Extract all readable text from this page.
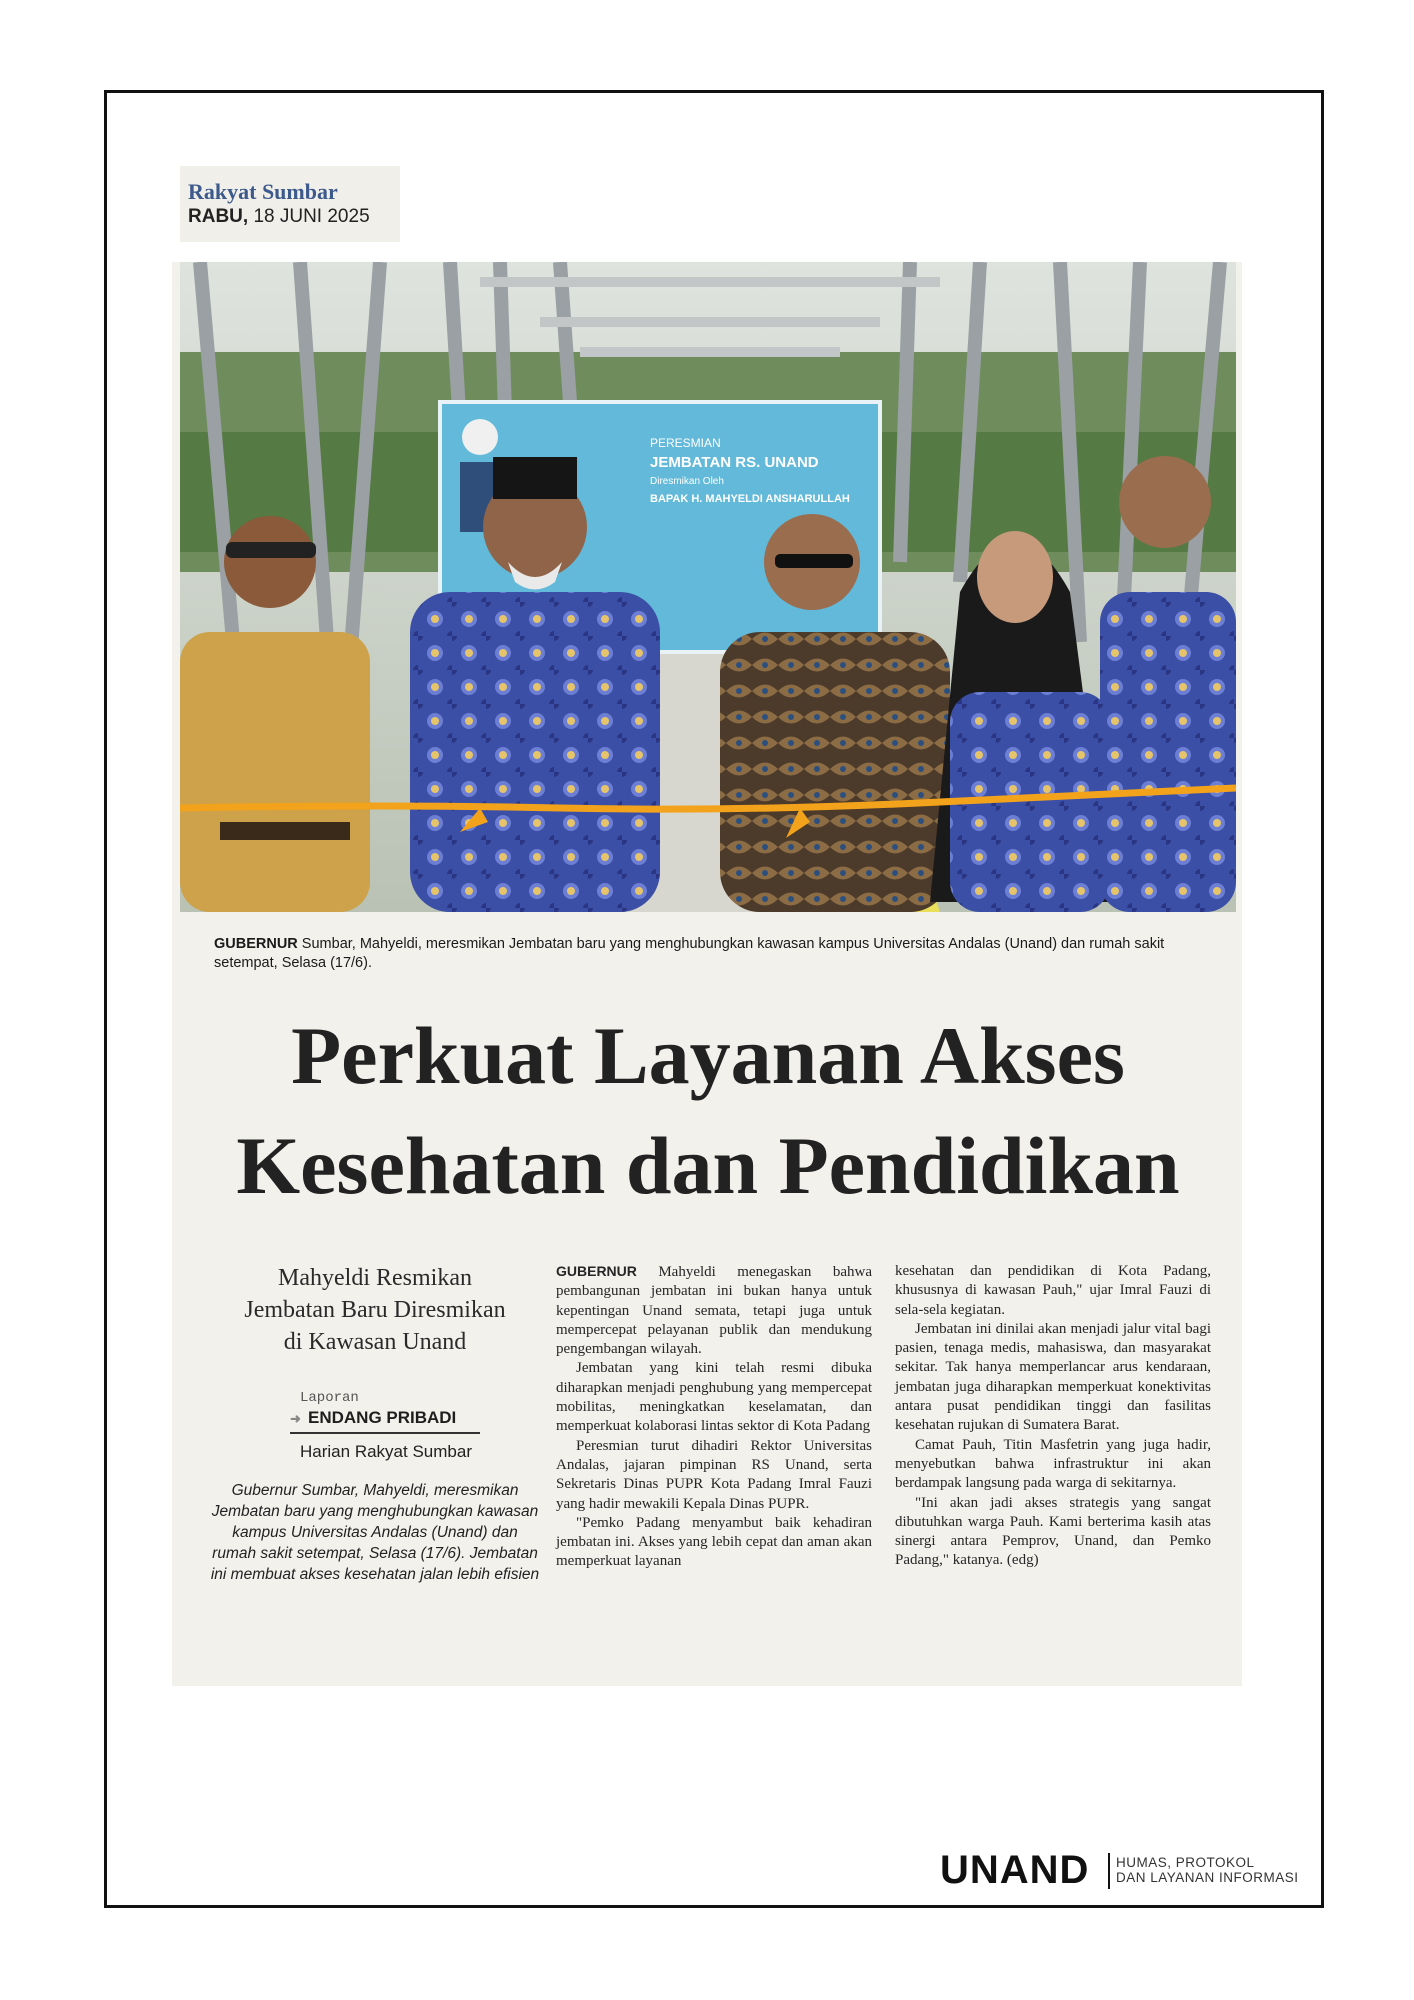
Rakyat Sumbar
RABU, 18 JUNI 2025
PERESMIAN
JEMBATAN RS. UNAND
Diresmikan Oleh
BAPAK H. MAHYELDI ANSHARULLAH
GUBERNUR Sumbar, Mahyeldi, meresmikan Jembatan baru yang menghubungkan kawasan kampus Universitas Andalas (Unand) dan rumah sakit setempat, Selasa (17/6).
Perkuat Layanan Akses
Kesehatan dan Pendidikan
Mahyeldi Resmikan
Jembatan Baru Diresmikan
di Kawasan Unand
Laporan
➜ ENDANG PRIBADI
Harian Rakyat Sumbar
Gubernur Sumbar, Mahyeldi, meresmikan Jembatan baru yang menghubungkan kawasan kampus Universitas Andalas (Unand) dan rumah sakit setempat, Selasa (17/6). Jembatan ini membuat akses kesehatan jalan lebih efisien

GUBERNUR Mahyeldi menegaskan bahwa pembangunan jembatan ini bukan hanya untuk kepentingan Unand semata, tetapi juga untuk mempercepat pelayanan publik dan mendukung pengembangan wilayah.

Jembatan yang kini telah resmi dibuka diharapkan menjadi penghubung yang mempercepat mobilitas, meningkatkan keselamatan, dan memperkuat kolaborasi lintas sektor di Kota Padang

Peresmian turut dihadiri Rektor Universitas Andalas, jajaran pimpinan RS Unand, serta Sekretaris Dinas PUPR Kota Padang Imral Fauzi yang hadir mewakili Kepala Dinas PUPR.

"Pemko Padang menyambut baik kehadiran jembatan ini. Akses yang lebih cepat dan aman akan memperkuat layanan

kesehatan dan pendidikan di Kota Padang, khususnya di kawasan Pauh," ujar Imral Fauzi di sela-sela kegiatan.

Jembatan ini dinilai akan menjadi jalur vital bagi pasien, tenaga medis, mahasiswa, dan masyarakat sekitar. Tak hanya memperlancar arus kendaraan, jembatan juga diharapkan memperkuat konektivitas antara pusat pendidikan tinggi dan fasilitas kesehatan rujukan di Sumatera Barat.

Camat Pauh, Titin Masfetrin yang juga hadir, menyebutkan bahwa infrastruktur ini akan berdampak langsung pada warga di sekitarnya.

"Ini akan jadi akses strategis yang sangat dibutuhkan warga Pauh. Kami berterima kasih atas sinergi antara Pemprov, Unand, dan Pemko Padang," katanya. (edg)

UNAND HUMAS, PROTOKOL
DAN LAYANAN INFORMASI
